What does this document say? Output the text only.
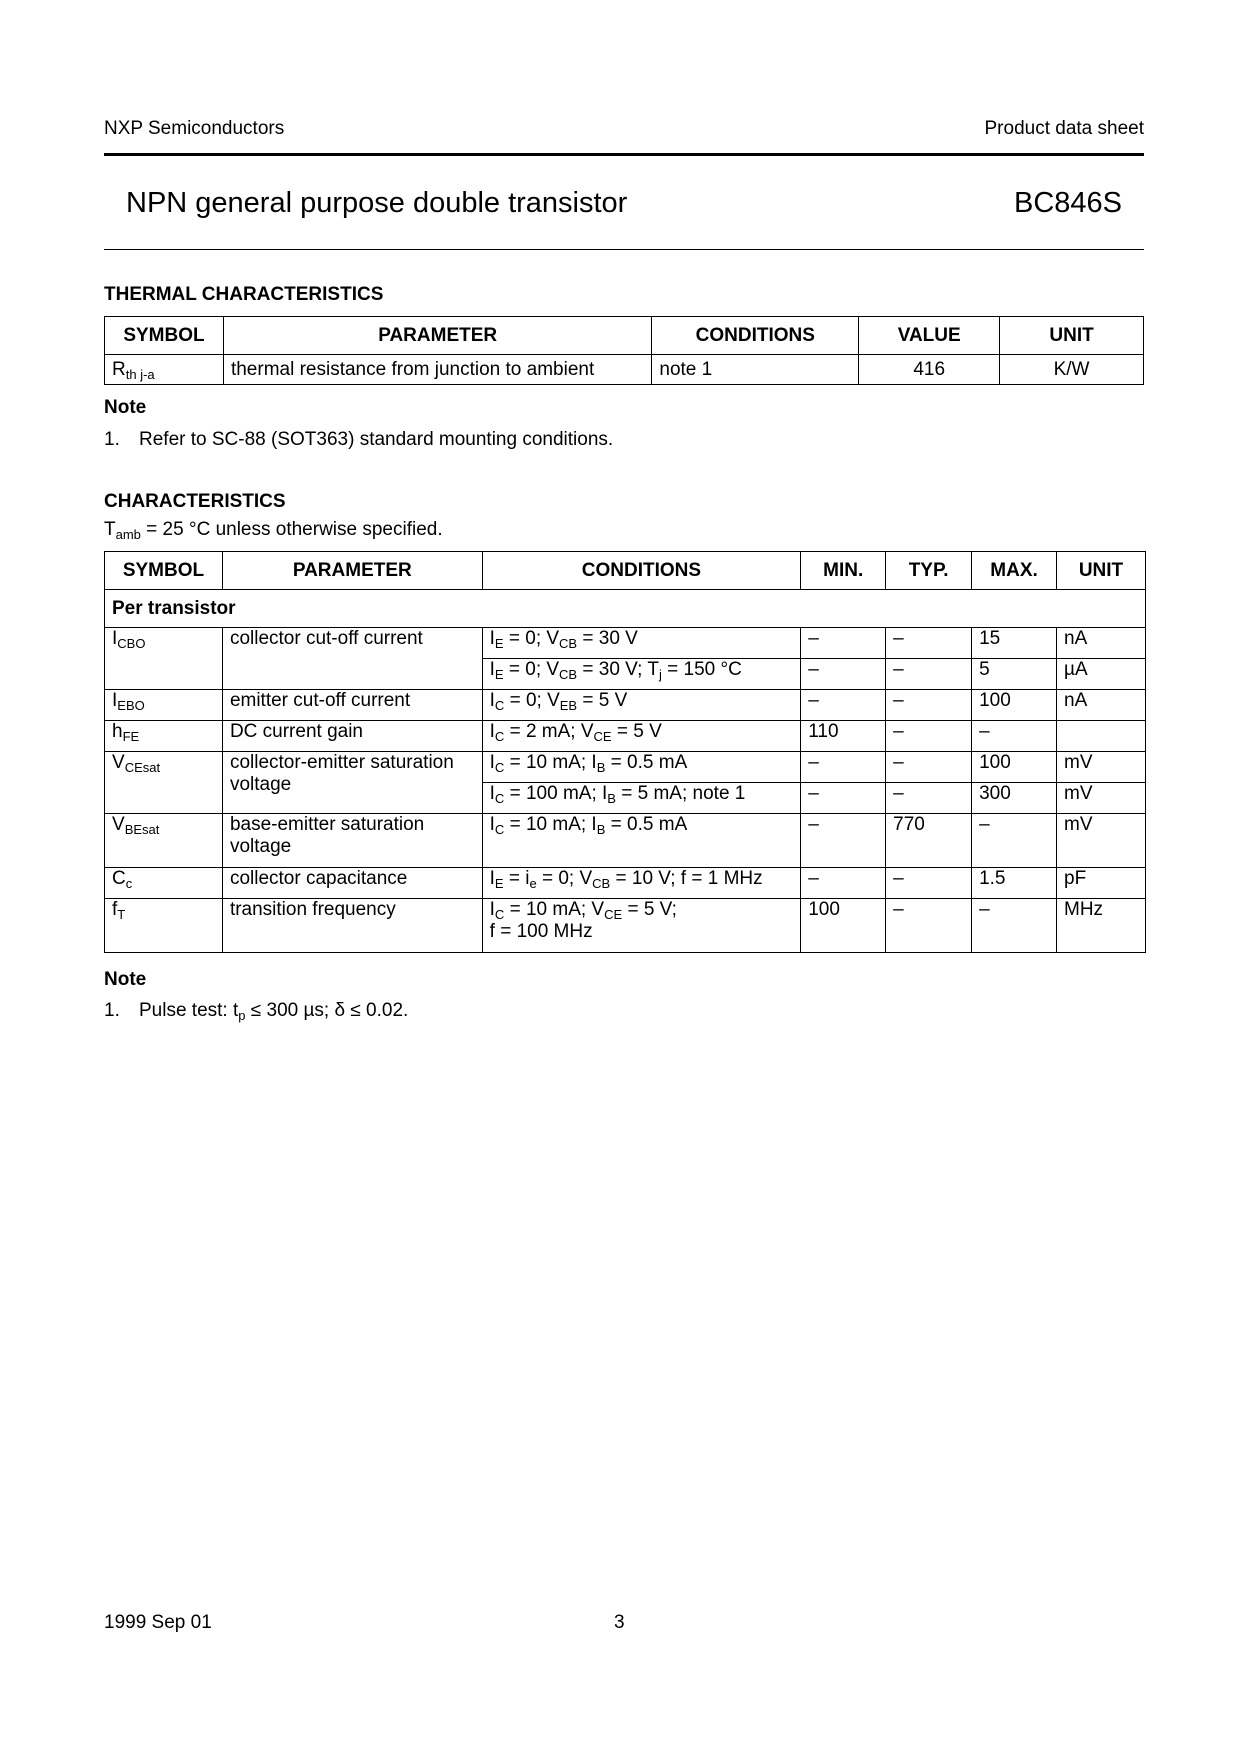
NXP Semiconductors	Product data sheet
NPN general purpose double transistor	BC846S
THERMAL CHARACTERISTICS
SYMBOL	PARAMETER	CONDITIONS	VALUE	UNIT
$R_{th j-a}$	thermal resistance from junction to ambient	note 1	416	K/W
Note
1. Refer to SC-88 (SOT363) standard mounting conditions.
CHARACTERISTICS
$T_{amb} = 25$ °C unless otherwise specified.
SYMBOL	PARAMETER	CONDITIONS	MIN.	TYP.	MAX.	UNIT
Per transistor						
$I_{CBO}$	collector cut-off current	$I_E = 0$; $V_{CB} = 30$ V	–	–	15	nA
		$I_E = 0$; $V_{CB} = 30$ V; $T_j = 150$ °C	–	–	5	µA
$I_{EBO}$	emitter cut-off current	$I_C = 0$; $V_{EB} = 5$ V	–	–	100	nA
$h_{FE}$	DC current gain	$I_C = 2$ mA; $V_{CE} = 5$ V	110	–	–	
$V_{CEsat}$	collector-emitter saturation voltage	$I_C = 10$ mA; $I_B = 0.5$ mA	–	–	100	mV
		$I_C = 100$ mA; $I_B = 5$ mA; note 1	–	–	300	mV
$V_{BEsat}$	base-emitter saturation voltage	$I_C = 10$ mA; $I_B = 0.5$ mA	–	770	–	mV
$C_c$	collector capacitance	$I_E = i_e = 0$; $V_{CB} = 10$ V; f = 1 MHz	–	–	1.5	pF
$f_T$	transition frequency	$I_C = 10$ mA; $V_{CE} = 5$ V;
f = 100 MHz	100	–	–	MHz
Note
1. Pulse test: $t_p \le 300$ µs; δ ≤ 0.02.
1999 Sep 01	3
